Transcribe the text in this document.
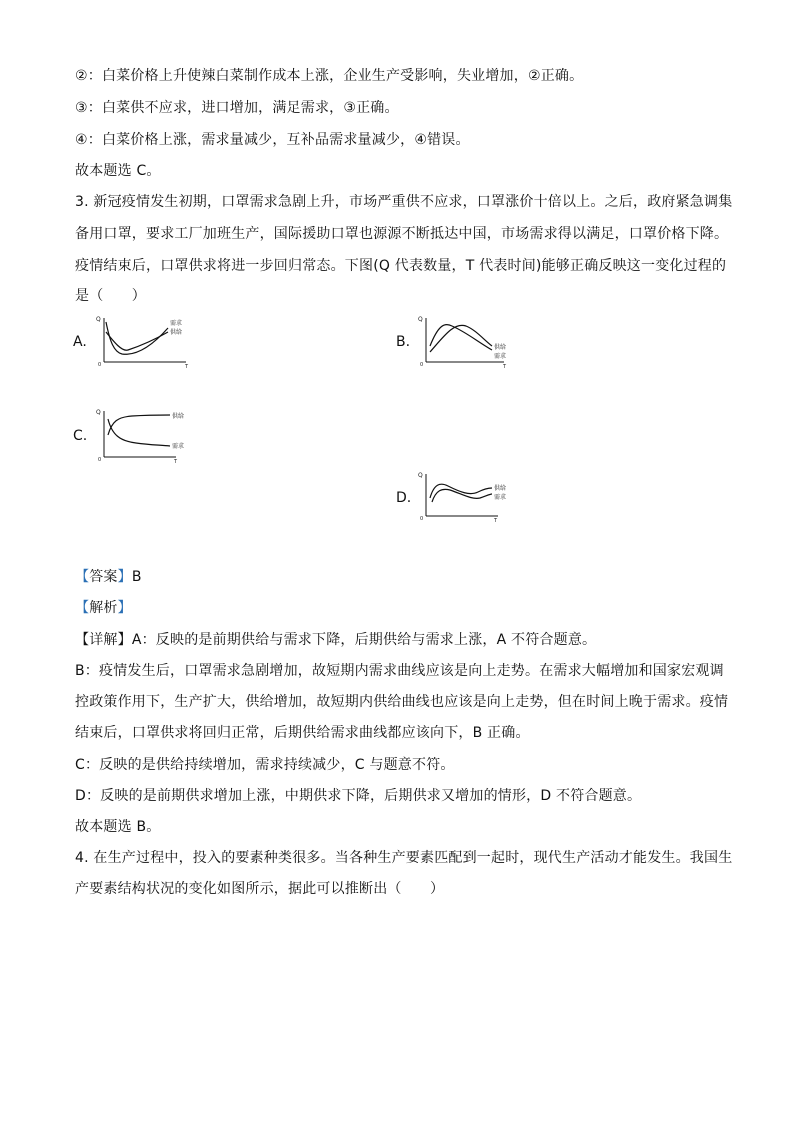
②：白菜价格上升使辣白菜制作成本上涨，企业生产受影响，失业增加，②正确。
③：白菜供不应求，进口增加，满足需求，③正确。
④：白菜价格上涨，需求量减少，互补品需求量减少，④错误。
故本题选 C。
3. 新冠疫情发生初期，口罩需求急剧上升，市场严重供不应求，口罩涨价十倍以上。之后，政府紧急调集
备用口罩，要求工厂加班生产，国际援助口罩也源源不断抵达中国，市场需求得以满足，口罩价格下降。
疫情结束后，口罩供求将进一步回归常态。下图(Q 代表数量，T 代表时间)能够正确反映这一变化过程的
是（　　）
A.
Q
0	T
需求
供给
B.
Q
0	T
供给
需求
C.
Q
0	T
供给
需求
D.
Q
0	T
供给
需求
【答案】B
【解析】
【详解】A：反映的是前期供给与需求下降，后期供给与需求上涨，A 不符合题意。
B：疫情发生后，口罩需求急剧增加，故短期内需求曲线应该是向上走势。在需求大幅增加和国家宏观调
控政策作用下，生产扩大，供给增加，故短期内供给曲线也应该是向上走势，但在时间上晚于需求。疫情
结束后，口罩供求将回归正常，后期供给需求曲线都应该向下，B 正确。
C：反映的是供给持续增加，需求持续减少，C 与题意不符。
D：反映的是前期供求增加上涨，中期供求下降，后期供求又增加的情形，D 不符合题意。
故本题选 B。
4. 在生产过程中，投入的要素种类很多。当各种生产要素匹配到一起时，现代生产活动才能发生。我国生
产要素结构状况的变化如图所示，据此可以推断出（　　）
